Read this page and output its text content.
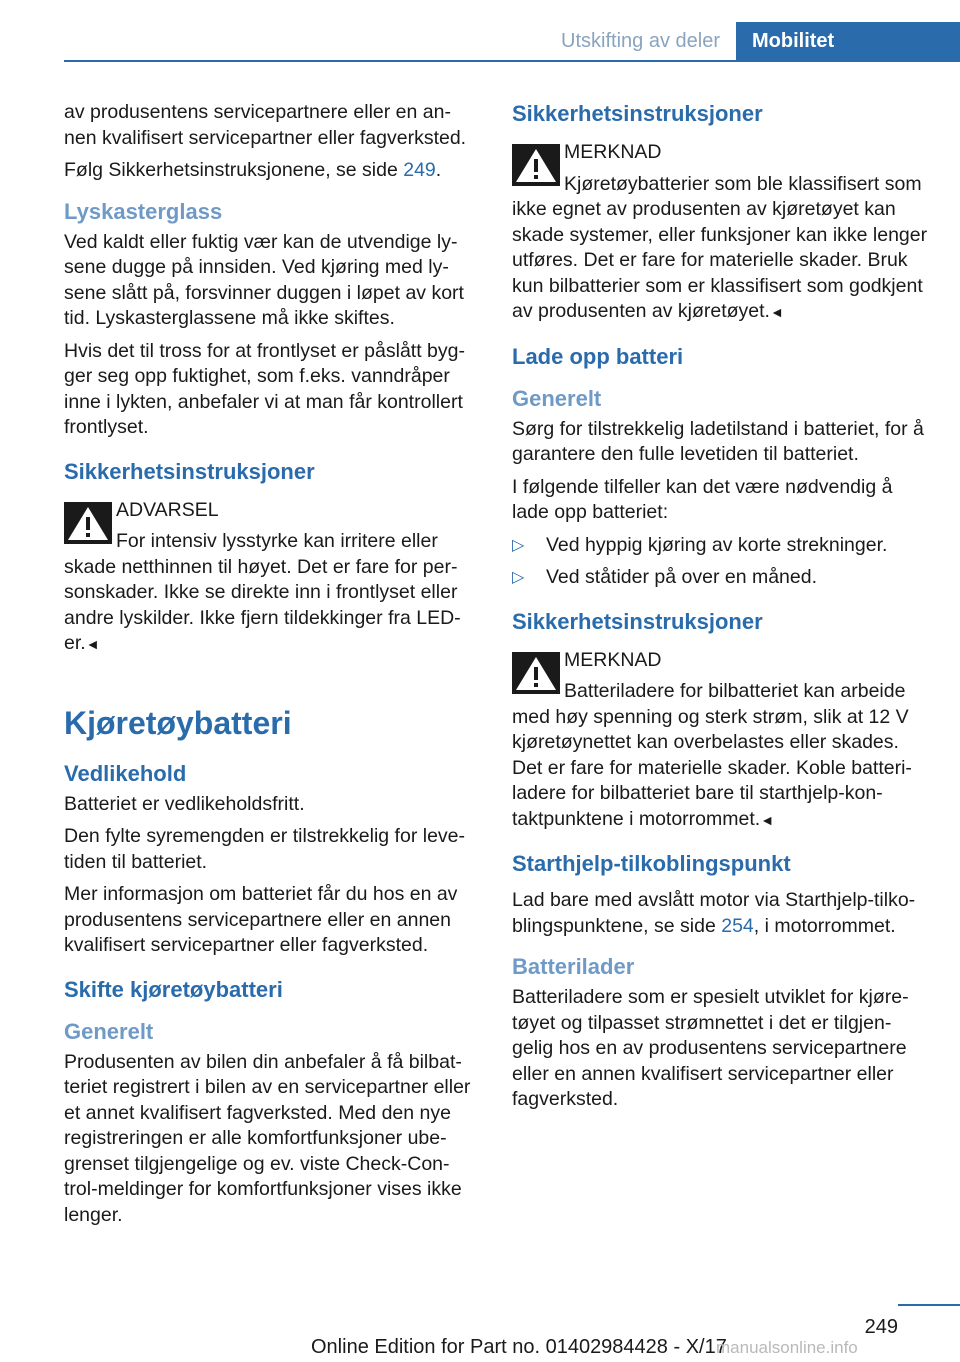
Utskifting av deler	Mobilitet

av produsentens servicepartnere eller en an- nen kvalifisert servicepartner eller fagverksted.

Følg Sikkerhetsinstruksjonene, se side 249.

Lyskasterglass

Ved kaldt eller fuktig vær kan de utvendige ly- sene dugge på innsiden. Ved kjøring med ly- sene slått på, forsvinner duggen i løpet av kort tid. Lyskasterglassene må ikke skiftes.

Hvis det til tross for at frontlyset er påslått byg- ger seg opp fuktighet, som f.eks. vanndråper inne i lykten, anbefaler vi at man får kontrollert frontlyset.

Sikkerhetsinstruksjoner
ADVARSEL
For intensiv lysstyrke kan irritere eller skade netthinnen til høyet. Det er fare for per- sonskader. Ikke se direkte inn i frontlyset eller andre lyskilder. Ikke fjern tildekkinger fra LED- er.◄
Kjøretøybatteri
Vedlikehold

Batteriet er vedlikeholdsfritt.

Den fylte syremengden er tilstrekkelig for leve- tiden til batteriet.

Mer informasjon om batteriet får du hos en av produsentens servicepartnere eller en annen kvalifisert servicepartner eller fagverksted.

Skifte kjøretøybatteri
Generelt

Produsenten av bilen din anbefaler å få bilbat- teriet registrert i bilen av en servicepartner eller et annet kvalifisert fagverksted. Med den nye registreringen er alle komfortfunksjoner ube- grenset tilgjengelige og ev. viste Check-Con- trol-meldinger for komfortfunksjoner vises ikke lenger.

Sikkerhetsinstruksjoner
MERKNAD
Kjøretøybatterier som ble klassifisert som ikke egnet av produsenten av kjøretøyet kan skade systemer, eller funksjoner kan ikke lenger utføres. Det er fare for materielle skader. Bruk kun bilbatterier som er klassifisert som godkjent av produsenten av kjøretøyet.◄
Lade opp batteri
Generelt

Sørg for tilstrekkelig ladetilstand i batteriet, for å garantere den fulle levetiden til batteriet.

I følgende tilfeller kan det være nødvendig å lade opp batteriet:

▷ Ved hyppig kjøring av korte strekninger.
▷ Ved ståtider på over en måned.
Sikkerhetsinstruksjoner
MERKNAD
Batteriladere for bilbatteriet kan arbeide med høy spenning og sterk strøm, slik at 12 V kjøretøynettet kan overbelastes eller skades. Det er fare for materielle skader. Koble batteri- ladere for bilbatteriet bare til starthjelp-kon- taktpunktene i motorrommet.◄
Starthjelp-tilkoblingspunkt

Lad bare med avslått motor via Starthjelp-tilko- blingspunktene, se side 254, i motorrommet.

Batterilader

Batteriladere som er spesielt utviklet for kjøre- tøyet og tilpasset strømnettet i det er tilgjen- gelig hos en av produsentens servicepartnere eller en annen kvalifisert servicepartner eller fagverksted.

249
Online Edition for Part no. 01402984428 - X/17
manualsonline.info
